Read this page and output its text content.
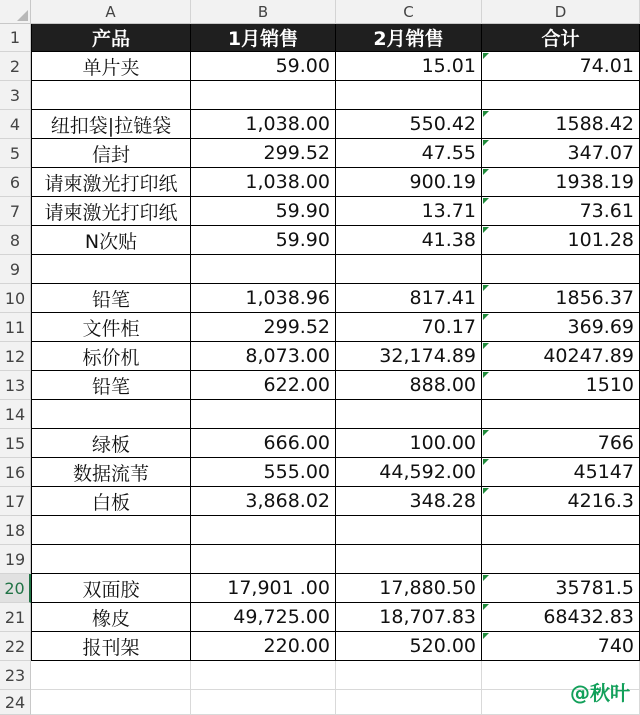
A	B	C	D
1
2
3
4
5
6
7
8
9
10
11
12
13
14
15
16
17
18
19
20
21
22
23
24
产品	1月销售	2月销售	合计
单片夹	59.00	15.01	74.01
纽扣袋|拉链袋	1,038.00	550.42	1588.42
信封	299.52	47.55	347.07
请柬激光打印纸	1,038.00	900.19	1938.19
请柬激光打印纸	59.90	13.71	73.61
N次贴	59.90	41.38	101.28
铅笔	1,038.96	817.41	1856.37
文件柜	299.52	70.17	369.69
标价机	8,073.00	32,174.89	40247.89
铅笔	622.00	888.00	1510
绿板	666.00	100.00	766
数据流苇	555.00	44,592.00	45147
白板	3,868.02	348.28	4216.3
双面胶	17,901 .00	17,880.50	35781.5
橡皮	49,725.00	18,707.83	68432.83
报刊架	220.00	520.00	740
@秋叶
